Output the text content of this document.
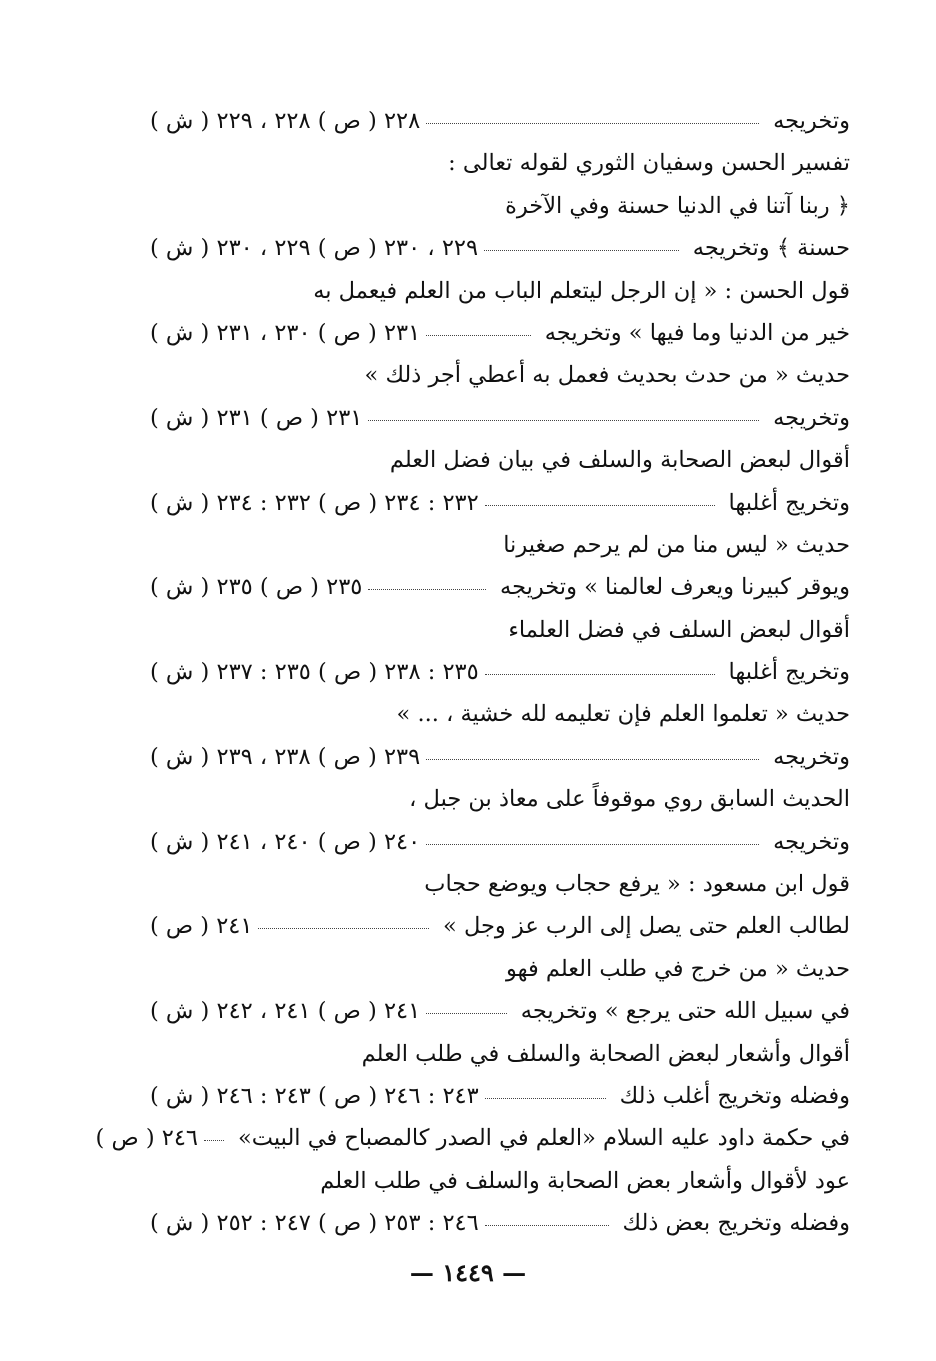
وتخريجه
٢٢٨ ( ص ) ٢٢٨ ، ٢٢٩ ( ش )
تفسير الحسن وسفيان الثوري لقوله تعالى :
﴿ ربنا آتنا في الدنيا حسنة وفي الآخرة
حسنة ﴾ وتخريجه
٢٢٩ ، ٢٣٠ ( ص ) ٢٢٩ ، ٢٣٠ ( ش )
قول الحسن : « إن الرجل ليتعلم الباب من العلم فيعمل به
خير من الدنيا وما فيها » وتخريجه
٢٣١ ( ص ) ٢٣٠ ، ٢٣١ ( ش )
حديث « من حدث بحديث فعمل به أعطي أجر ذلك »
وتخريجه
٢٣١ ( ص ) ٢٣١ ( ش )
أقوال لبعض الصحابة والسلف في بيان فضل العلم
وتخريج أغلبها
٢٣٢ : ٢٣٤ ( ص ) ٢٣٢ : ٢٣٤ ( ش )
حديث « ليس منا من لم يرحم صغيرنا
ويوقر كبيرنا ويعرف لعالمنا » وتخريجه
٢٣٥ ( ص ) ٢٣٥ ( ش )
أقوال لبعض السلف في فضل العلماء
وتخريج أغلبها
٢٣٥ : ٢٣٨ ( ص ) ٢٣٥ : ٢٣٧ ( ش )
حديث « تعلموا العلم فإن تعليمه لله خشية ، ... »
وتخريجه
٢٣٩ ( ص ) ٢٣٨ ، ٢٣٩ ( ش )
الحديث السابق روي موقوفاً على معاذ بن جبل ،
وتخريجه
٢٤٠ ( ص ) ٢٤٠ ، ٢٤١ ( ش )
قول ابن مسعود : « يرفع حجاب ويوضع حجاب
لطالب العلم حتى يصل إلى الرب عز وجل »
٢٤١ ( ص )
حديث « من خرج في طلب العلم فهو
في سبيل الله حتى يرجع » وتخريجه
٢٤١ ( ص ) ٢٤١ ، ٢٤٢ ( ش )
أقوال وأشعار لبعض الصحابة والسلف في طلب العلم
وفضله وتخريج أغلب ذلك
٢٤٣ : ٢٤٦ ( ص ) ٢٤٣ : ٢٤٦ ( ش )
في حكمة داود عليه السلام «العلم في الصدر كالمصباح في البيت»
٢٤٦ ( ص )
عود لأقوال وأشعار بعض الصحابة والسلف في طلب العلم
وفضله وتخريج بعض ذلك
٢٤٦ : ٢٥٣ ( ص ) ٢٤٧ : ٢٥٢ ( ش )
— ١٤٤٩ —
